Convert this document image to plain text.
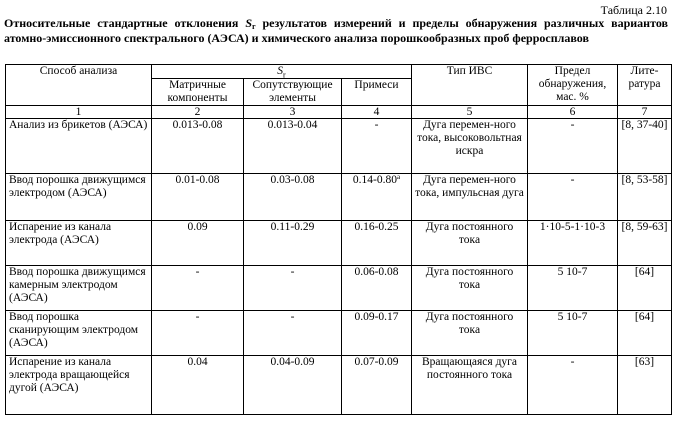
Таблица 2.10
Относительные стандартные отклонения $S_r$ результатов измерений и пределы обнаружения различных вариантов атомно-эмиссионного спектрального (АЭСА) и химического анализа порошкообразных проб ферросплавов
Способ анализа	$S_r$			Тип ИВС	Предел обнаружения, мас. %	Лите-ратура
	Матричные компоненты	Сопутствующие элементы	Примеси			
1	2	3	4	5	6	7
Анализ из брикетов (АЭСА)	0.013-0.08	0.013-0.04	-	Дуга перемен-ного тока, высоковольтная искра	-	[8, 37-40]
Ввод порошка движущимся электродом (АЭСА)	0.01-0.08	0.03-0.08	$0.14-0.80^а$	Дуга перемен-ного тока, импульсная дуга	-	[8, 53-58]
Испарение из канала электрода (АЭСА)	0.09	0.11-0.29	0.16-0.25	Дуга постоянного тока	1·10-5-1·10-3	[8, 59-63]
Ввод порошка движущимся камерным электродом (АЭСА)	-	-	0.06-0.08	Дуга постоянного тока	5 10-7	[64]
Ввод порошка сканирующим электродом (АЭСА)	-	-	0.09-0.17	Дуга постоянного тока	5 10-7	[64]
Испарение из канала электрода вращающейся дугой (АЭСА)	0.04	0.04-0.09	0.07-0.09	Вращающаяся дуга постоянного тока	-	[63]
